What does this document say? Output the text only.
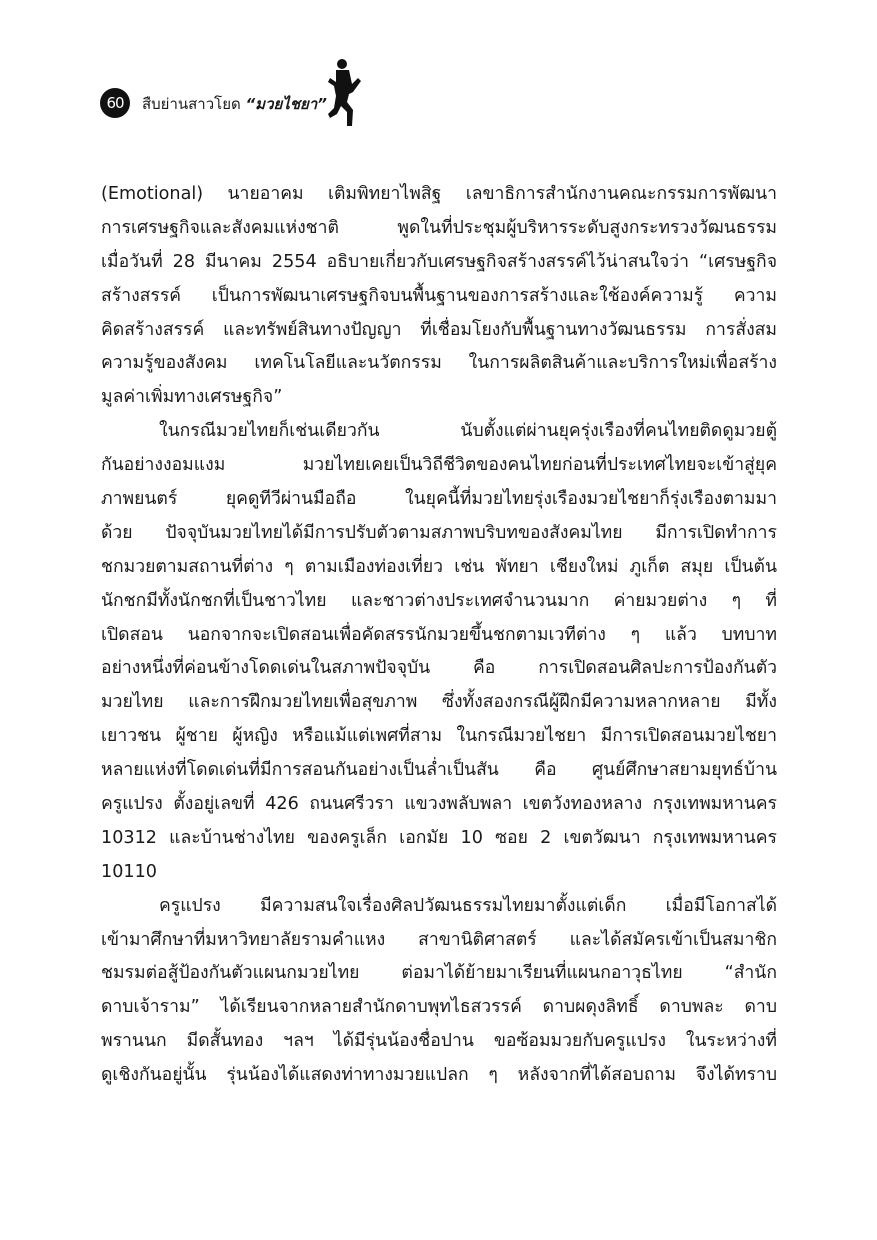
60	สืบย่านสาวโยด “มวยไชยา”
(Emotional) นายอาคม เติมพิทยาไพสิฐ เลขาธิการสำนักงานคณะกรรมการพัฒนา
การเศรษฐกิจและสังคมแห่งชาติ พูดในที่ประชุมผู้บริหารระดับสูงกระทรวงวัฒนธรรม
เมื่อวันที่ 28 มีนาคม 2554 อธิบายเกี่ยวกับเศรษฐกิจสร้างสรรค์ไว้น่าสนใจว่า “เศรษฐกิจ
สร้างสรรค์ เป็นการพัฒนาเศรษฐกิจบนพื้นฐานของการสร้างและใช้องค์ความรู้ ความ
คิดสร้างสรรค์ และทรัพย์สินทางปัญญา ที่เชื่อมโยงกับพื้นฐานทางวัฒนธรรม การสั่งสม
ความรู้ของสังคม เทคโนโลยีและนวัตกรรม ในการผลิตสินค้าและบริการใหม่เพื่อสร้าง
มูลค่าเพิ่มทางเศรษฐกิจ”
ในกรณีมวยไทยก็เช่นเดียวกัน นับตั้งแต่ผ่านยุครุ่งเรืองที่คนไทยติดดูมวยตู้
กันอย่างงอมแงม มวยไทยเคยเป็นวิถีชีวิตของคนไทยก่อนที่ประเทศไทยจะเข้าสู่ยุค
ภาพยนตร์ ยุคดูทีวีผ่านมือถือ ในยุคนี้ที่มวยไทยรุ่งเรืองมวยไชยาก็รุ่งเรืองตามมา
ด้วย ปัจจุบันมวยไทยได้มีการปรับตัวตามสภาพบริบทของสังคมไทย มีการเปิดทำการ
ชกมวยตามสถานที่ต่าง ๆ ตามเมืองท่องเที่ยว เช่น พัทยา เชียงใหม่ ภูเก็ต สมุย เป็นต้น
นักชกมีทั้งนักชกที่เป็นชาวไทย และชาวต่างประเทศจำนวนมาก ค่ายมวยต่าง ๆ ที่
เปิดสอน นอกจากจะเปิดสอนเพื่อคัดสรรนักมวยขึ้นชกตามเวทีต่าง ๆ แล้ว บทบาท
อย่างหนึ่งที่ค่อนข้างโดดเด่นในสภาพปัจจุบัน คือ การเปิดสอนศิลปะการป้องกันตัว
มวยไทย และการฝึกมวยไทยเพื่อสุขภาพ ซึ่งทั้งสองกรณีผู้ฝึกมีความหลากหลาย มีทั้ง
เยาวชน ผู้ชาย ผู้หญิง หรือแม้แต่เพศที่สาม ในกรณีมวยไชยา มีการเปิดสอนมวยไชยา
หลายแห่งที่โดดเด่นที่มีการสอนกันอย่างเป็นล่ำเป็นสัน คือ ศูนย์ศึกษาสยามยุทธ์บ้าน
ครูแปรง ตั้งอยู่เลขที่ 426 ถนนศรีวรา แขวงพลับพลา เขตวังทองหลาง กรุงเทพมหานคร
10312 และบ้านช่างไทย ของครูเล็ก เอกมัย 10 ซอย 2 เขตวัฒนา กรุงเทพมหานคร
10110
ครูแปรง มีความสนใจเรื่องศิลปวัฒนธรรมไทยมาตั้งแต่เด็ก เมื่อมีโอกาสได้
เข้ามาศึกษาที่มหาวิทยาลัยรามคำแหง สาขานิติศาสตร์ และได้สมัครเข้าเป็นสมาชิก
ชมรมต่อสู้ป้องกันตัวแผนกมวยไทย ต่อมาได้ย้ายมาเรียนที่แผนกอาวุธไทย “สำนัก
ดาบเจ้าราม” ได้เรียนจากหลายสำนักดาบพุทไธสวรรค์ ดาบผดุงลิทธิ์ ดาบพละ ดาบ
พรานนก มีดสั้นทอง ฯลฯ ได้มีรุ่นน้องชื่อปาน ขอซ้อมมวยกับครูแปรง ในระหว่างที่
ดูเชิงกันอยู่นั้น รุ่นน้องได้แสดงท่าทางมวยแปลก ๆ หลังจากที่ได้สอบถาม จึงได้ทราบ
